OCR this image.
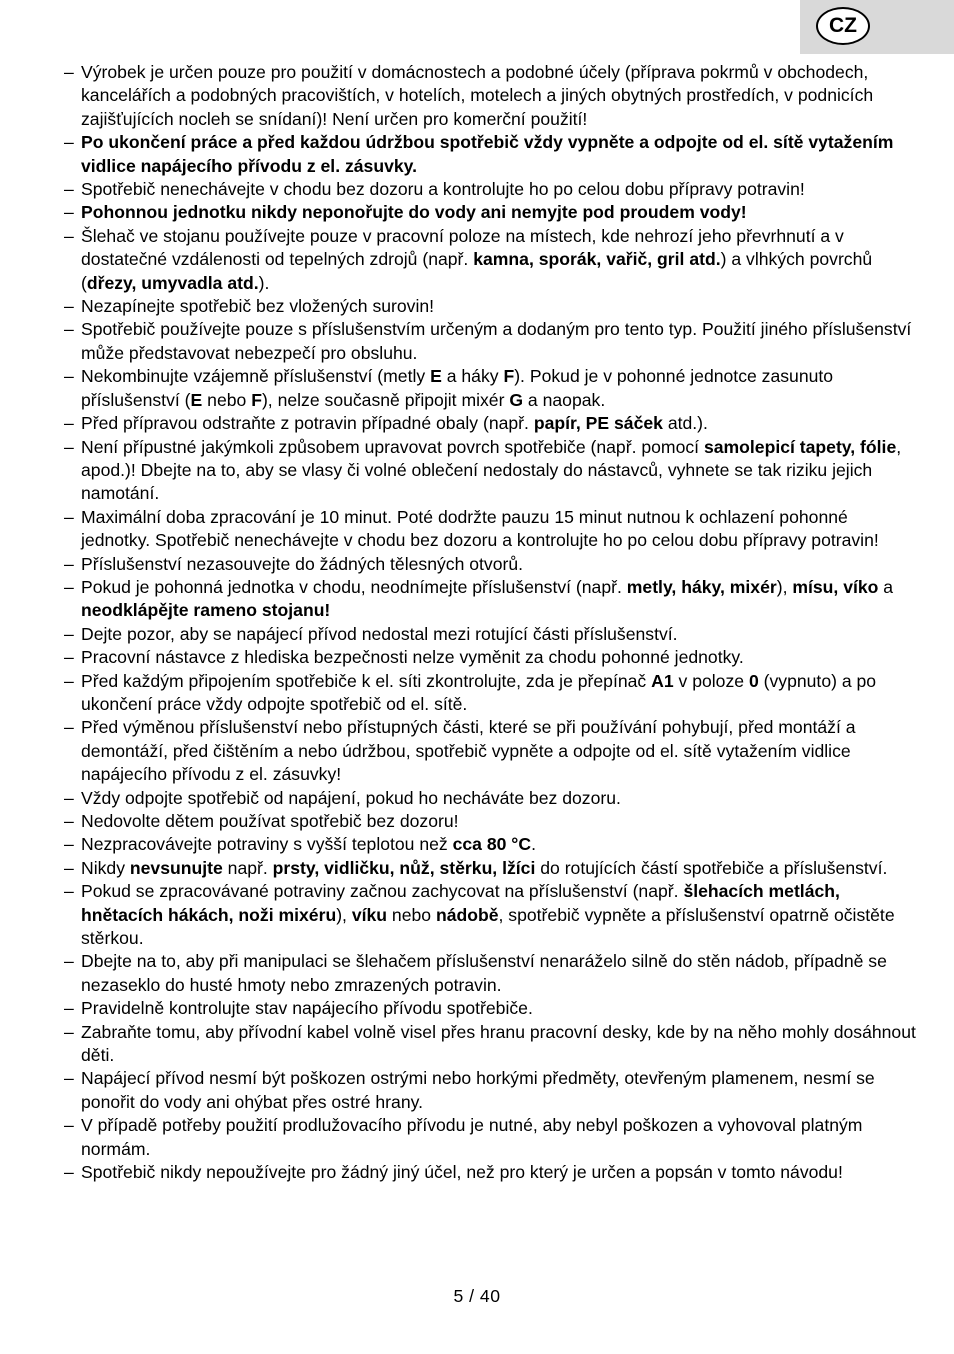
CZ
– Výrobek je určen pouze pro použití v domácnostech a podobné účely (příprava pokrmů v obchodech, kancelářích a podobných pracovištích, v hotelích, motelech a jiných obytných prostředích, v podnicích zajišťujících nocleh se snídaní)! Není určen pro komerční použití!
– Po ukončení práce a před každou údržbou spotřebič vždy vypněte a odpojte od el. sítě vytažením vidlice napájecího přívodu z el. zásuvky.
– Spotřebič nenechávejte v chodu bez dozoru a kontrolujte ho po celou dobu přípravy potravin!
– Pohonnou jednotku nikdy neponořujte do vody ani nemyjte pod proudem vody!
– Šlehač ve stojanu používejte pouze v pracovní poloze na místech, kde nehrozí jeho převrhnutí a v dostatečné vzdálenosti od tepelných zdrojů (např. kamna, sporák, vařič, gril atd.) a vlhkých povrchů (dřezy, umyvadla atd.).
– Nezapínejte spotřebič bez vložených surovin!
– Spotřebič používejte pouze s příslušenstvím určeným a dodaným pro tento typ. Použití jiného příslušenství může představovat nebezpečí pro obsluhu.
– Nekombinujte vzájemně příslušenství (metly E a háky F). Pokud je v pohonné jednotce zasunuto příslušenství (E nebo F), nelze současně připojit mixér G a naopak.
– Před přípravou odstraňte z potravin případné obaly (např. papír, PE sáček atd.).
– Není přípustné jakýmkoli způsobem upravovat povrch spotřebiče (např. pomocí samolepicí tapety, fólie, apod.)! Dbejte na to, aby se vlasy či volné oblečení nedostaly do nástavců, vyhnete se tak riziku jejich namotání.
– Maximální doba zpracování je 10 minut. Poté dodržte pauzu 15 minut nutnou k ochlazení pohonné jednotky. Spotřebič nenechávejte v chodu bez dozoru a kontrolujte ho po celou dobu přípravy potravin!
– Příslušenství nezasouvejte do žádných tělesných otvorů.
– Pokud je pohonná jednotka v chodu, neodnímejte příslušenství (např. metly, háky, mixér), mísu, víko a neodklápějte rameno stojanu!
– Dejte pozor, aby se napájecí přívod nedostal mezi rotující části příslušenství.
– Pracovní nástavce z hlediska bezpečnosti nelze vyměnit za chodu pohonné jednotky.
– Před každým připojením spotřebiče k el. síti zkontrolujte, zda je přepínač A1 v poloze 0 (vypnuto) a po ukončení práce vždy odpojte spotřebič od el. sítě.
– Před výměnou příslušenství nebo přístupných části, které se při používání pohybují, před montáží a demontáží, před čištěním a nebo údržbou, spotřebič vypněte a odpojte od el. sítě vytažením vidlice napájecího přívodu z el. zásuvky!
– Vždy odpojte spotřebič od napájení, pokud ho necháváte bez dozoru.
– Nedovolte dětem používat spotřebič bez dozoru!
– Nezpracovávejte potraviny s vyšší teplotou než cca 80 °C.
– Nikdy nevsunujte např. prsty, vidličku, nůž, stěrku, lžíci do rotujících částí spotřebiče a příslušenství.
– Pokud se zpracovávané potraviny začnou zachycovat na příslušenství (např. šlehacích metlách, hnětacích hákách, noži mixéru), víku nebo nádobě, spotřebič vypněte a příslušenství opatrně očistěte stěrkou.
– Dbejte na to, aby při manipulaci se šlehačem příslušenství nenaráželo silně do stěn nádob, případně se nezaseklo do husté hmoty nebo zmrazených potravin.
– Pravidelně kontrolujte stav napájecího přívodu spotřebiče.
– Zabraňte tomu, aby přívodní kabel volně visel přes hranu pracovní desky, kde by na něho mohly dosáhnout děti.
– Napájecí přívod nesmí být poškozen ostrými nebo horkými předměty, otevřeným plamenem, nesmí se ponořit do vody ani ohýbat přes ostré hrany.
– V případě potřeby použití prodlužovacího přívodu je nutné, aby nebyl poškozen a vyhovoval platným normám.
– Spotřebič nikdy nepoužívejte pro žádný jiný účel, než pro který je určen a popsán v tomto návodu!
5 / 40
